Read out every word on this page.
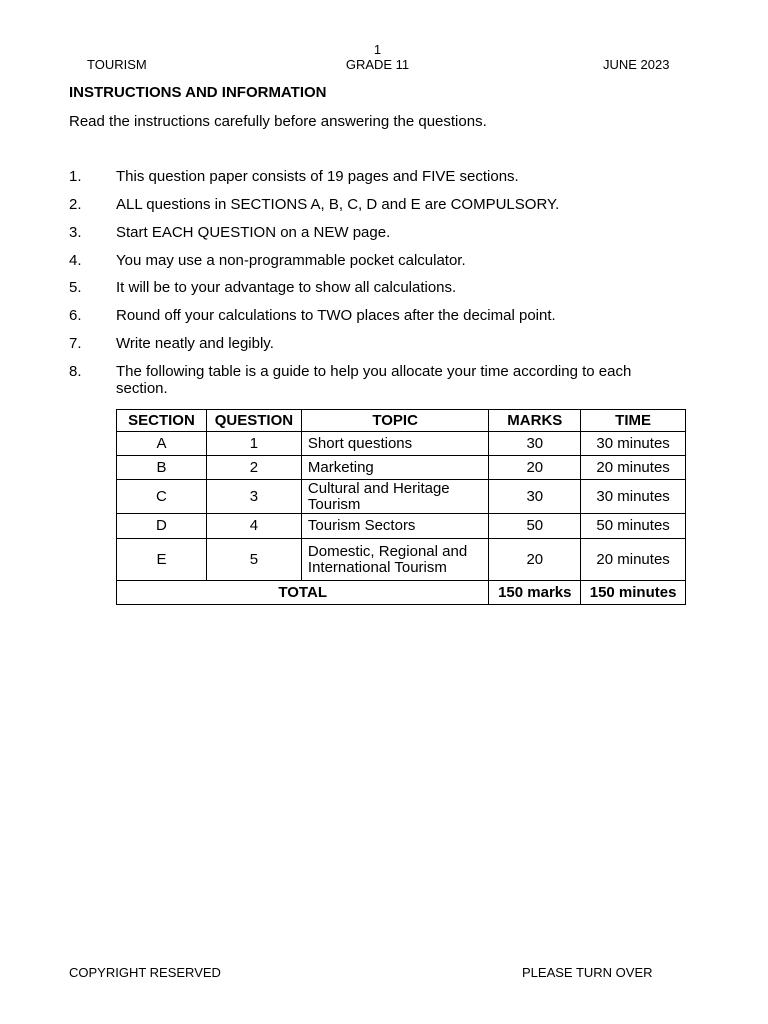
1
TOURISM	GRADE 11	JUNE 2023
INSTRUCTIONS AND INFORMATION
Read the instructions carefully before answering the questions.
1. This question paper consists of 19 pages and FIVE sections.
2. ALL questions in SECTIONS A, B, C, D and E are COMPULSORY.
3. Start EACH QUESTION on a NEW page.
4. You may use a non-programmable pocket calculator.
5. It will be to your advantage to show all calculations.
6. Round off your calculations to TWO places after the decimal point.
7. Write neatly and legibly.
8. The following table is a guide to help you allocate your time according to each section.
SECTION	QUESTION	TOPIC	MARKS	TIME
A	1	Short questions	30	30 minutes
B	2	Marketing	20	20 minutes
C	3	Cultural and Heritage Tourism	30	30 minutes
D	4	Tourism Sectors	50	50 minutes
E	5	Domestic, Regional and International Tourism	20	20 minutes
TOTAL			150 marks	150 minutes
COPYRIGHT RESERVED	PLEASE TURN OVER
